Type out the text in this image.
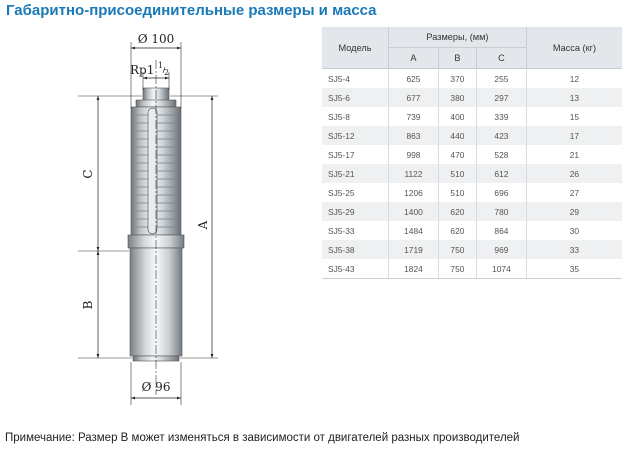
Габаритно-присоединительные размеры и масса
Ø 100
Rp1 1
2
C
B
A
Ø 96
Модель	Размеры, (мм)			Масса (кг)
	A	B	C	
SJ5-4	625	370	255	12
SJ5-6	677	380	297	13
SJ5-8	739	400	339	15
SJ5-12	863	440	423	17
SJ5-17	998	470	528	21
SJ5-21	1122	510	612	26
SJ5-25	1206	510	696	27
SJ5-29	1400	620	780	29
SJ5-33	1484	620	864	30
SJ5-38	1719	750	969	33
SJ5-43	1824	750	1074	35

Примечание: Размер B может изменяться в зависимости от двигателей разных производителей
